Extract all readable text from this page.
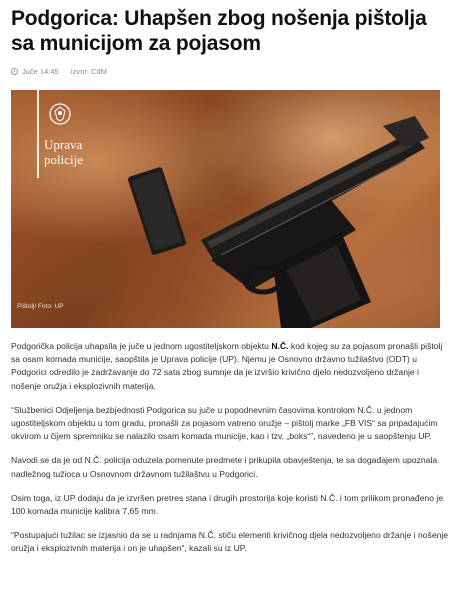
Podgorica: Uhapšen zbog nošenja pištolja sa municijom za pojasom
Juče 14:45 Izvor: CdM
Uprava
policije
Pištolj/ Foto: UP

Podgorička policija uhapsila je juče u jednom ugostiteljskom objektu N.Č. kod kojeg su za pojasom pronašli pištolj sa osam komada municije, saopštila je Uprava policije (UP). Njemu je Osnovno državno tužilaštvo (ODT) u Podgorici odredilo je zadržavanje do 72 sata zbog sumnje da je izvršio krivično djelo nedozvoljeno držanje i nošenje oružja i eksplozivnih materija.

“Službenici Odjeljenja bezbjednosti Podgorica su juče u popodnevnim časovima kontrolom N.Č. u jednom ugostiteljskom objektu u tom gradu, pronašli za pojasom vatreno oružje – pištolj marke „FB VIS“ sa pripadajućim okvirom u čijem spremniku se nalazilo osam komada municije, kao i tzv. „boks“”, navedeno je u saopštenju UP.

Navodi se da je od N.Č. policija oduzela pomenute predmete i prikupila obavještenja, te sa događajem upoznala nadležnog tužioca u Osnovnom državnom tužilaštvu u Podgorici.

Osim toga, iz UP dodaju da je izvršen pretres stana i drugih prostorija koje koristi N.Č. i tom prilikom pronađeno je 100 komada municije kalibra 7,65 mm.

“Postupajući tužilac se izjasnio da se u radnjama N.Č. stiču elementi krivičnog djela nedozvoljeno držanje i nošenje oružja i eksplozivnih materija i on je uhapšen”, kazali su iz UP.
